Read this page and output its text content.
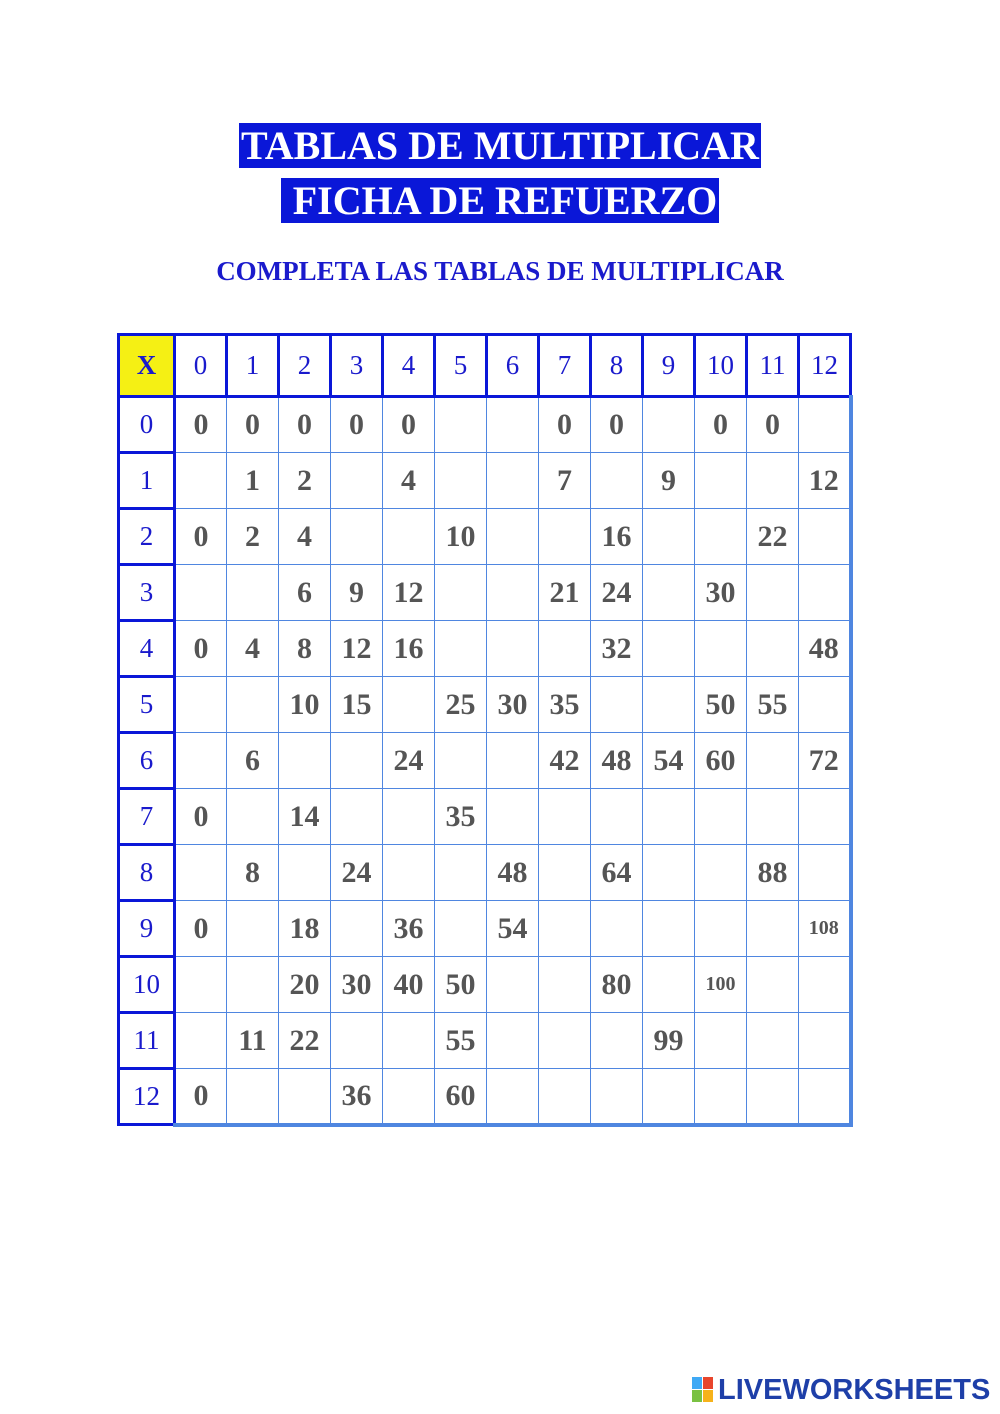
TABLAS DE MULTIPLICAR
FICHA DE REFUERZO
COMPLETA LAS TABLAS DE MULTIPLICAR
X	0	1	2	3	4	5	6	7	8	9	10	11	12
0	0	0	0	0	0			0	0		0	0	
1		1	2		4			7		9			12
2	0	2	4			10			16			22	
3			6	9	12			21	24		30		
4	0	4	8	12	16				32				48
5			10	15		25	30	35			50	55	
6		6			24			42	48	54	60		72
7	0		14			35							
8		8		24			48		64			88	
9	0		18		36		54						108
10			20	30	40	50			80		100		
11		11	22			55				99			
12	0			36		60							
LIVEWORKSHEETS
